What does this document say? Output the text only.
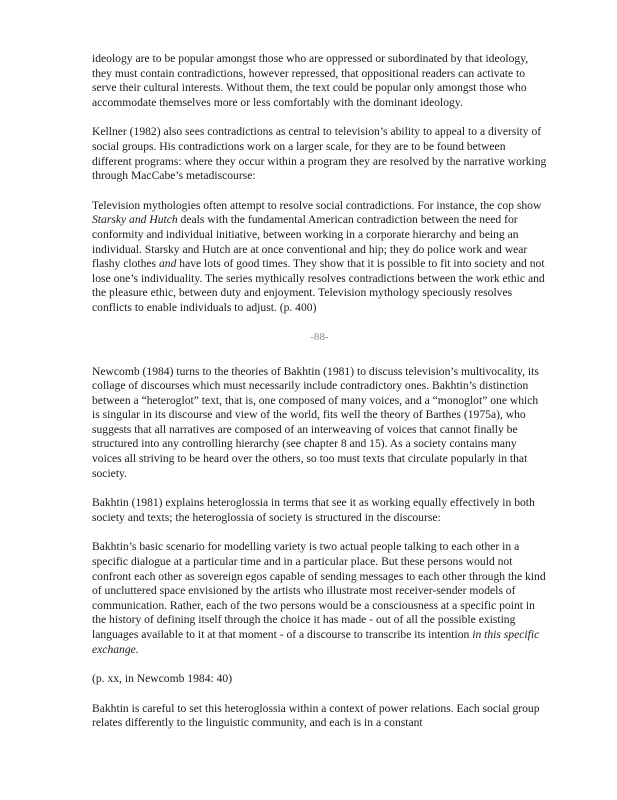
ideology are to be popular amongst those who are oppressed or subordinated by that ideology, they must contain contradictions, however repressed, that oppositional readers can activate to serve their cultural interests. Without them, the text could be popular only amongst those who accommodate themselves more or less comfortably with the dominant ideology.

Kellner (1982) also sees contradictions as central to television’s ability to appeal to a diversity of social groups. His contradictions work on a larger scale, for they are to be found between different programs: where they occur within a program they are resolved by the narrative working through MacCabe’s metadiscourse:

Television mythologies often attempt to resolve social contradictions. For instance, the cop show Starsky and Hutch deals with the fundamental American contradiction between the need for conformity and individual initiative, between working in a corporate hierarchy and being an individual. Starsky and Hutch are at once conventional and hip; they do police work and wear flashy clothes and have lots of good times. They show that it is possible to fit into society and not lose one’s individuality. The series mythically resolves contradictions between the work ethic and the pleasure ethic, between duty and enjoyment. Television mythology speciously resolves conflicts to enable individuals to adjust. (p. 400)

-88-

Newcomb (1984) turns to the theories of Bakhtin (1981) to discuss television’s multivocality, its collage of discourses which must necessarily include contradictory ones. Bakhtin’s distinction between a “heteroglot” text, that is, one composed of many voices, and a “monoglot” one which is singular in its discourse and view of the world, fits well the theory of Barthes (1975a), who suggests that all narratives are composed of an interweaving of voices that cannot finally be structured into any controlling hierarchy (see chapter 8 and 15). As a society contains many voices all striving to be heard over the others, so too must texts that circulate popularly in that society.

Bakhtin (1981) explains heteroglossia in terms that see it as working equally effectively in both society and texts; the heteroglossia of society is structured in the discourse:

Bakhtin’s basic scenario for modelling variety is two actual people talking to each other in a specific dialogue at a particular time and in a particular place. But these persons would not confront each other as sovereign egos capable of sending messages to each other through the kind of uncluttered space envisioned by the artists who illustrate most receiver-sender models of communication. Rather, each of the two persons would be a consciousness at a specific point in the history of defining itself through the choice it has made - out of all the possible existing languages available to it at that moment - of a discourse to transcribe its intention in this specific exchange.

(p. xx, in Newcomb 1984: 40)

Bakhtin is careful to set this heteroglossia within a context of power relations. Each social group relates differently to the linguistic community, and each is in a constant
